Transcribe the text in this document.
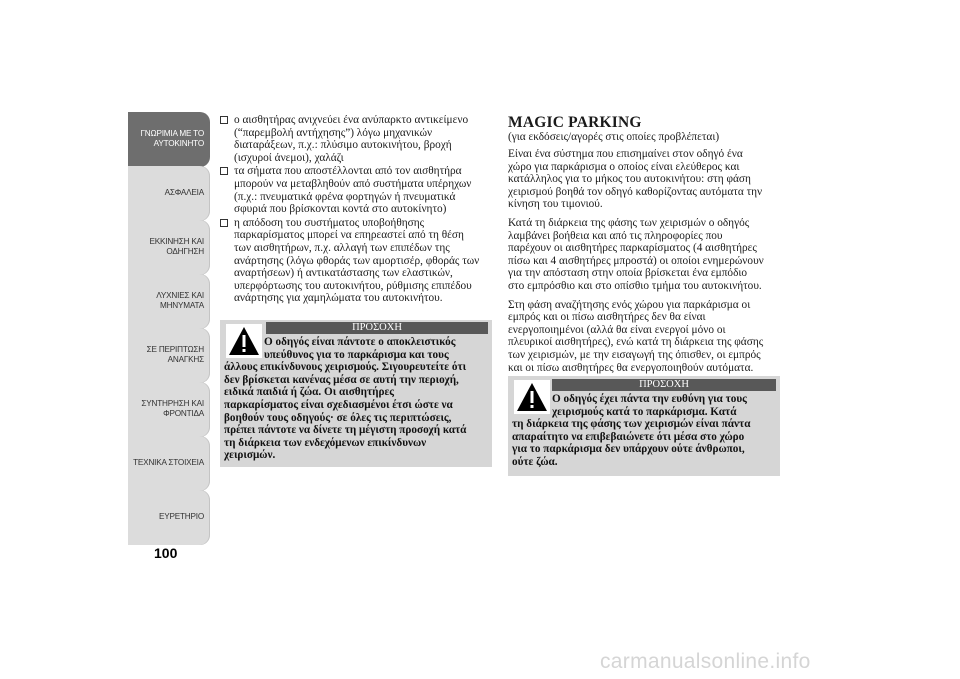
ΓΝΩΡΙΜΙΑ ΜΕ ΤΟ
ΑΥΤΟΚΙΝΗΤΟ
ΑΣΦΑΛΕΙΑ
ΕΚΚΙΝΗΣΗ ΚΑΙ
ΟΔΗΓΗΣΗ
ΛΥΧΝΙΕΣ ΚΑΙ
ΜΗΝΥΜΑΤΑ
ΣΕ ΠΕΡΙΠΤΩΣΗ
ΑΝΑΓΚΗΣ
ΣΥΝΤΗΡΗΣΗ ΚΑΙ
ΦΡΟΝΤΙΔΑ
ΤΕΧΝΙΚΑ ΣΤΟΙΧΕΙΑ
ΕΥΡΕΤΗΡΙΟ
100
ο αισθητήρας ανιχνεύει ένα ανύπαρκτο αντικείμενο
(“παρεμβολή αντήχησης”) λόγω μηχανικών
διαταράξεων, π.χ.: πλύσιμο αυτοκινήτου, βροχή
(ισχυροί άνεμοι), χαλάζι
τα σήματα που αποστέλλονται από τον αισθητήρα
μπορούν να μεταβληθούν από συστήματα υπέρηχων
(π.χ.: πνευματικά φρένα φορτηγών ή πνευματικά
σφυριά που βρίσκονται κοντά στο αυτοκίνητο)
η απόδοση του συστήματος υποβοήθησης
παρκαρίσματος μπορεί να επηρεαστεί από τη θέση
των αισθητήρων, π.χ. αλλαγή των επιπέδων της
ανάρτησης (λόγω φθοράς των αμορτισέρ, φθοράς των
αναρτήσεων) ή αντικατάστασης των ελαστικών,
υπερφόρτωσης του αυτοκινήτου, ρύθμισης επιπέδου
ανάρτησης για χαμηλώματα του αυτοκινήτου.
ΠΡΟΣΟΧΗ
Ο οδηγός είναι πάντοτε ο αποκλειστικός
υπεύθυνος για το παρκάρισμα και τους
άλλους επικίνδυνους χειρισμούς. Σιγουρευτείτε ότι
δεν βρίσκεται κανένας μέσα σε αυτή την περιοχή,
ειδικά παιδιά ή ζώα. Οι αισθητήρες
παρκαρίσματος είναι σχεδιασμένοι έτσι ώστε να
βοηθούν τους οδηγούς· σε όλες τις περιπτώσεις,
πρέπει πάντοτε να δίνετε τη μέγιστη προσοχή κατά
τη διάρκεια των ενδεχόμενων επικίνδυνων
χειρισμών.
MAGIC PARKING
(για εκδόσεις/αγορές στις οποίες προβλέπεται)
Είναι ένα σύστημα που επισημαίνει στον οδηγό ένα
χώρο για παρκάρισμα ο οποίος είναι ελεύθερος και
κατάλληλος για το μήκος του αυτοκινήτου: στη φάση
χειρισμού βοηθά τον οδηγό καθορίζοντας αυτόματα την
κίνηση του τιμονιού.
Κατά τη διάρκεια της φάσης των χειρισμών ο οδηγός
λαμβάνει βοήθεια και από τις πληροφορίες που
παρέχουν οι αισθητήρες παρκαρίσματος (4 αισθητήρες
πίσω και 4 αισθητήρες μπροστά) οι οποίοι ενημερώνουν
για την απόσταση στην οποία βρίσκεται ένα εμπόδιο
στο εμπρόσθιο και στο οπίσθιο τμήμα του αυτοκινήτου.
Στη φάση αναζήτησης ενός χώρου για παρκάρισμα οι
εμπρός και οι πίσω αισθητήρες δεν θα είναι
ενεργοποιημένοι (αλλά θα είναι ενεργοί μόνο οι
πλευρικοί αισθητήρες), ενώ κατά τη διάρκεια της φάσης
των χειρισμών, με την εισαγωγή της όπισθεν, οι εμπρός
και οι πίσω αισθητήρες θα ενεργοποιηθούν αυτόματα.
ΠΡΟΣΟΧΗ
Ο οδηγός έχει πάντα την ευθύνη για τους
χειρισμούς κατά το παρκάρισμα. Κατά
τη διάρκεια της φάσης των χειρισμών είναι πάντα
απαραίτητο να επιβεβαιώνετε ότι μέσα στο χώρο
για το παρκάρισμα δεν υπάρχουν ούτε άνθρωποι,
ούτε ζώα.
carmanualsonline.info
